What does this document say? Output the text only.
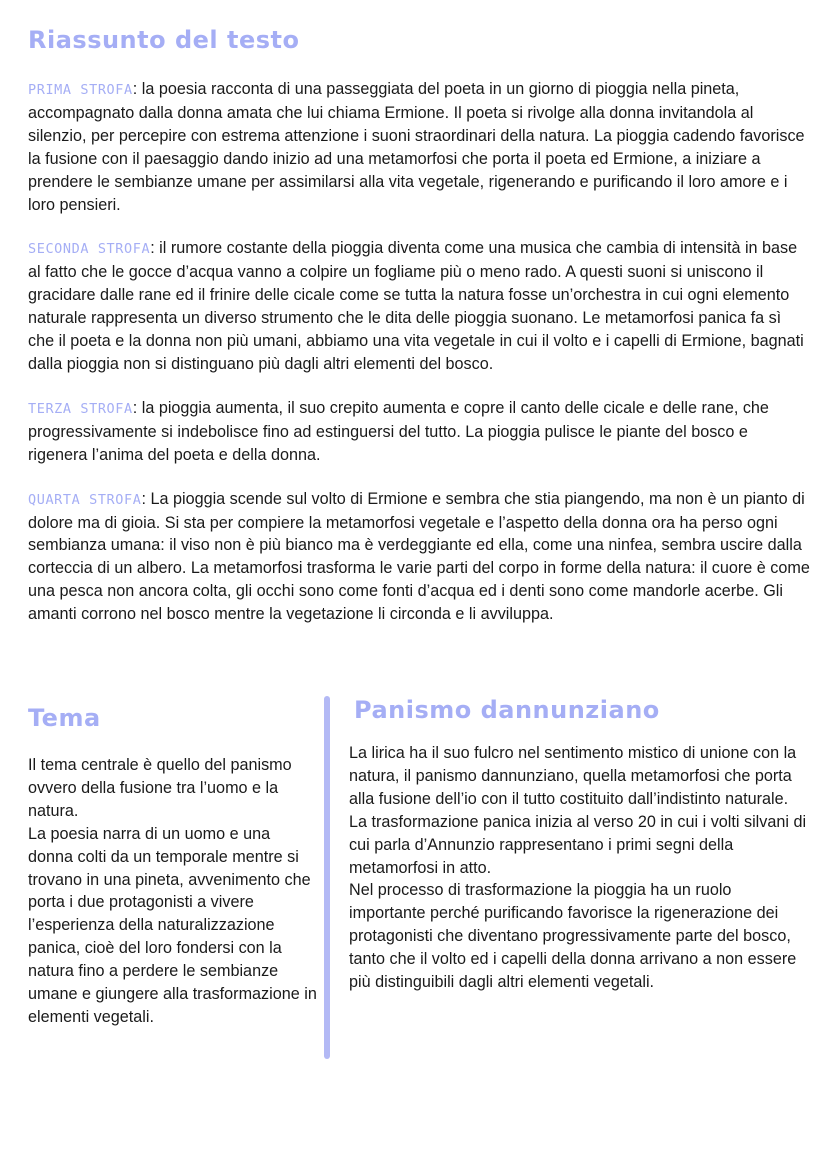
Riassunto del testo

PRIMA STROFA: la poesia racconta di una passeggiata del poeta in un giorno di pioggia nella pineta, accompagnato dalla donna amata che lui chiama Ermione. Il poeta si rivolge alla donna invitandola al silenzio, per percepire con estrema attenzione i suoni straordinari della natura. La pioggia cadendo favorisce la fusione con il paesaggio dando inizio ad una metamorfosi che porta il poeta ed Ermione, a iniziare a prendere le sembianze umane per assimilarsi alla vita vegetale, rigenerando e purificando il loro amore e i loro pensieri.

SECONDA STROFA: il rumore costante della pioggia diventa come una musica che cambia di intensità in base al fatto che le gocce d’acqua vanno a colpire un fogliame più o meno rado. A questi suoni si uniscono il gracidare dalle rane ed il frinire delle cicale come se tutta la natura fosse un’orchestra in cui ogni elemento naturale rappresenta un diverso strumento che le dita delle pioggia suonano. Le metamorfosi panica fa sì che il poeta e la donna non più umani, abbiamo una vita vegetale in cui il volto e i capelli di Ermione, bagnati dalla pioggia non si distinguano più dagli altri elementi del bosco.

TERZA STROFA: la pioggia aumenta, il suo crepito aumenta e copre il canto delle cicale e delle rane, che progressivamente si indebolisce fino ad estinguersi del tutto. La pioggia pulisce le piante del bosco e rigenera l’anima del poeta e della donna.

QUARTA STROFA: La pioggia scende sul volto di Ermione e sembra che stia piangendo, ma non è un pianto di dolore ma di gioia. Si sta per compiere la metamorfosi vegetale e l’aspetto della donna ora ha perso ogni sembianza umana: il viso non è più bianco ma è verdeggiante ed ella, come una ninfea, sembra uscire dalla corteccia di un albero. La metamorfosi trasforma le varie parti del corpo in forme della natura: il cuore è come una pesca non ancora colta, gli occhi sono come fonti d’acqua ed i denti sono come mandorle acerbe. Gli amanti corrono nel bosco mentre la vegetazione li circonda e li avviluppa.

Tema

Il tema centrale è quello del panismo ovvero della fusione tra l’uomo e la natura.
La poesia narra di un uomo e una donna colti da un temporale mentre si trovano in una pineta, avvenimento che porta i due protagonisti a vivere l’esperienza della naturalizzazione panica, cioè del loro fondersi con la natura fino a perdere le sembianze umane e giungere alla trasformazione in elementi vegetali.

Panismo dannunziano

La lirica ha il suo fulcro nel sentimento mistico di unione con la natura, il panismo dannunziano, quella metamorfosi che porta alla fusione dell’io con il tutto costituito dall’indistinto naturale.
La trasformazione panica inizia al verso 20 in cui i volti silvani di cui parla d’Annunzio rappresentano i primi segni della metamorfosi in atto.
Nel processo di trasformazione la pioggia ha un ruolo importante perché purificando favorisce la rigenerazione dei protagonisti che diventano progressivamente parte del bosco, tanto che il volto ed i capelli della donna arrivano a non essere più distinguibili dagli altri elementi vegetali.
